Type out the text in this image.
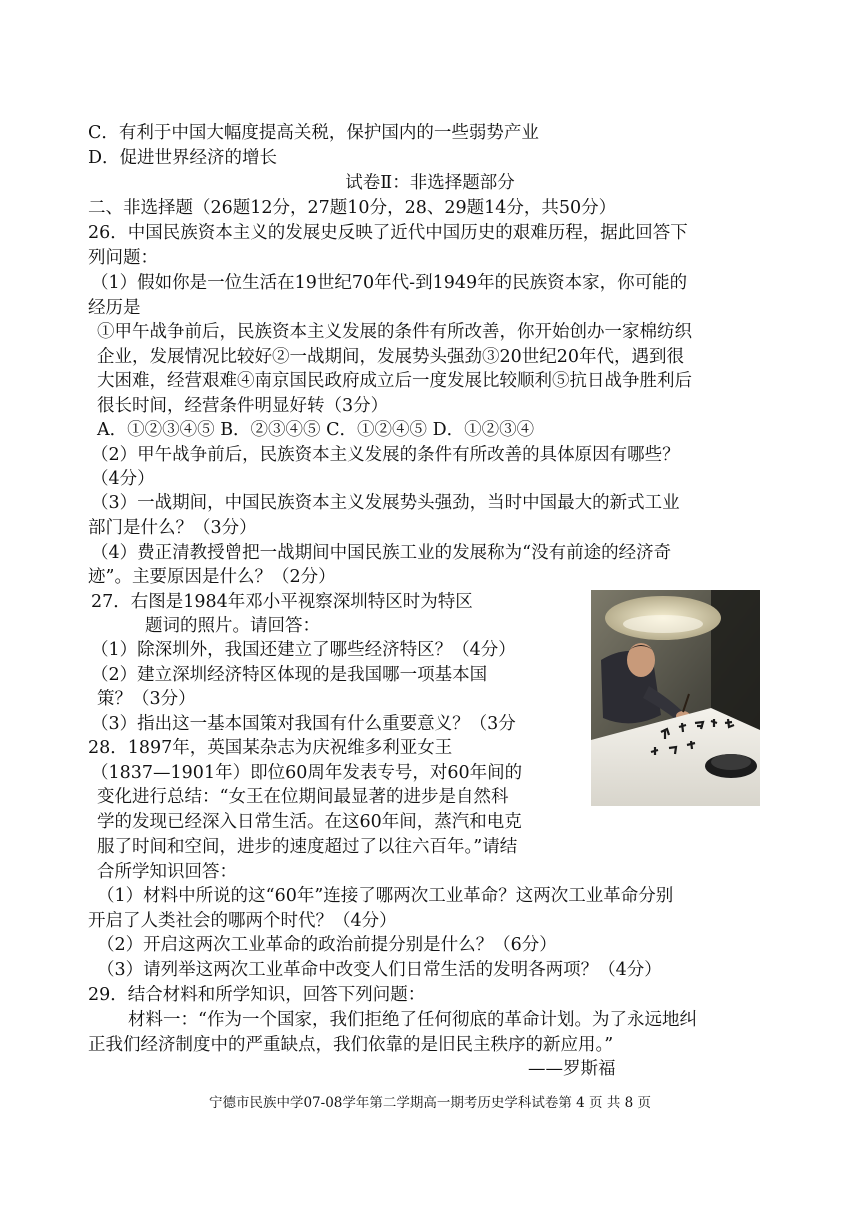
C．有利于中国大幅度提高关税，保护国内的一些弱势产业
D．促进世界经济的增长
试卷Ⅱ：非选择题部分
二、非选择题（26题12分，27题10分，28、29题14分，共50分）
26．中国民族资本主义的发展史反映了近代中国历史的艰难历程，据此回答下
列问题：
（1）假如你是一位生活在19世纪70年代-到1949年的民族资本家，你可能的
经历是
①甲午战争前后，民族资本主义发展的条件有所改善，你开始创办一家棉纺织
企业，发展情况比较好②一战期间，发展势头强劲③20世纪20年代，遇到很
大困难，经营艰难④南京国民政府成立后一度发展比较顺利⑤抗日战争胜利后
很长时间，经营条件明显好转（3分）
A．①②③④⑤ B．②③④⑤ C．①②④⑤ D．①②③④
（2）甲午战争前后，民族资本主义发展的条件有所改善的具体原因有哪些？
（4分）
（3）一战期间，中国民族资本主义发展势头强劲，当时中国最大的新式工业
部门是什么？（3分）
（4）费正清教授曾把一战期间中国民族工业的发展称为“没有前途的经济奇
迹”。主要原因是什么？（2分）
27．右图是1984年邓小平视察深圳特区时为特区
题词的照片。请回答：
（1）除深圳外，我国还建立了哪些经济特区？（4分）
（2）建立深圳经济特区体现的是我国哪一项基本国
策？（3分）
（3）指出这一基本国策对我国有什么重要意义？（3分
28．1897年，英国某杂志为庆祝维多利亚女王
（1837—1901年）即位60周年发表专号，对60年间的
变化进行总结：“女王在位期间最显著的进步是自然科
学的发现已经深入日常生活。在这60年间，蒸汽和电克
服了时间和空间，进步的速度超过了以往六百年。”请结
合所学知识回答：
（1）材料中所说的这“60年”连接了哪两次工业革命？这两次工业革命分别
开启了人类社会的哪两个时代？（4分）
（2）开启这两次工业革命的政治前提分别是什么？（6分）
（3）请列举这两次工业革命中改变人们日常生活的发明各两项？（4分）
29．结合材料和所学知识，回答下列问题：
材料一：“作为一个国家，我们拒绝了任何彻底的革命计划。为了永远地纠
正我们经济制度中的严重缺点，我们依靠的是旧民主秩序的新应用。”
——罗斯福
宁德市民族中学07-08学年第二学期高一期考历史学科试卷第 4 页 共 8 页
